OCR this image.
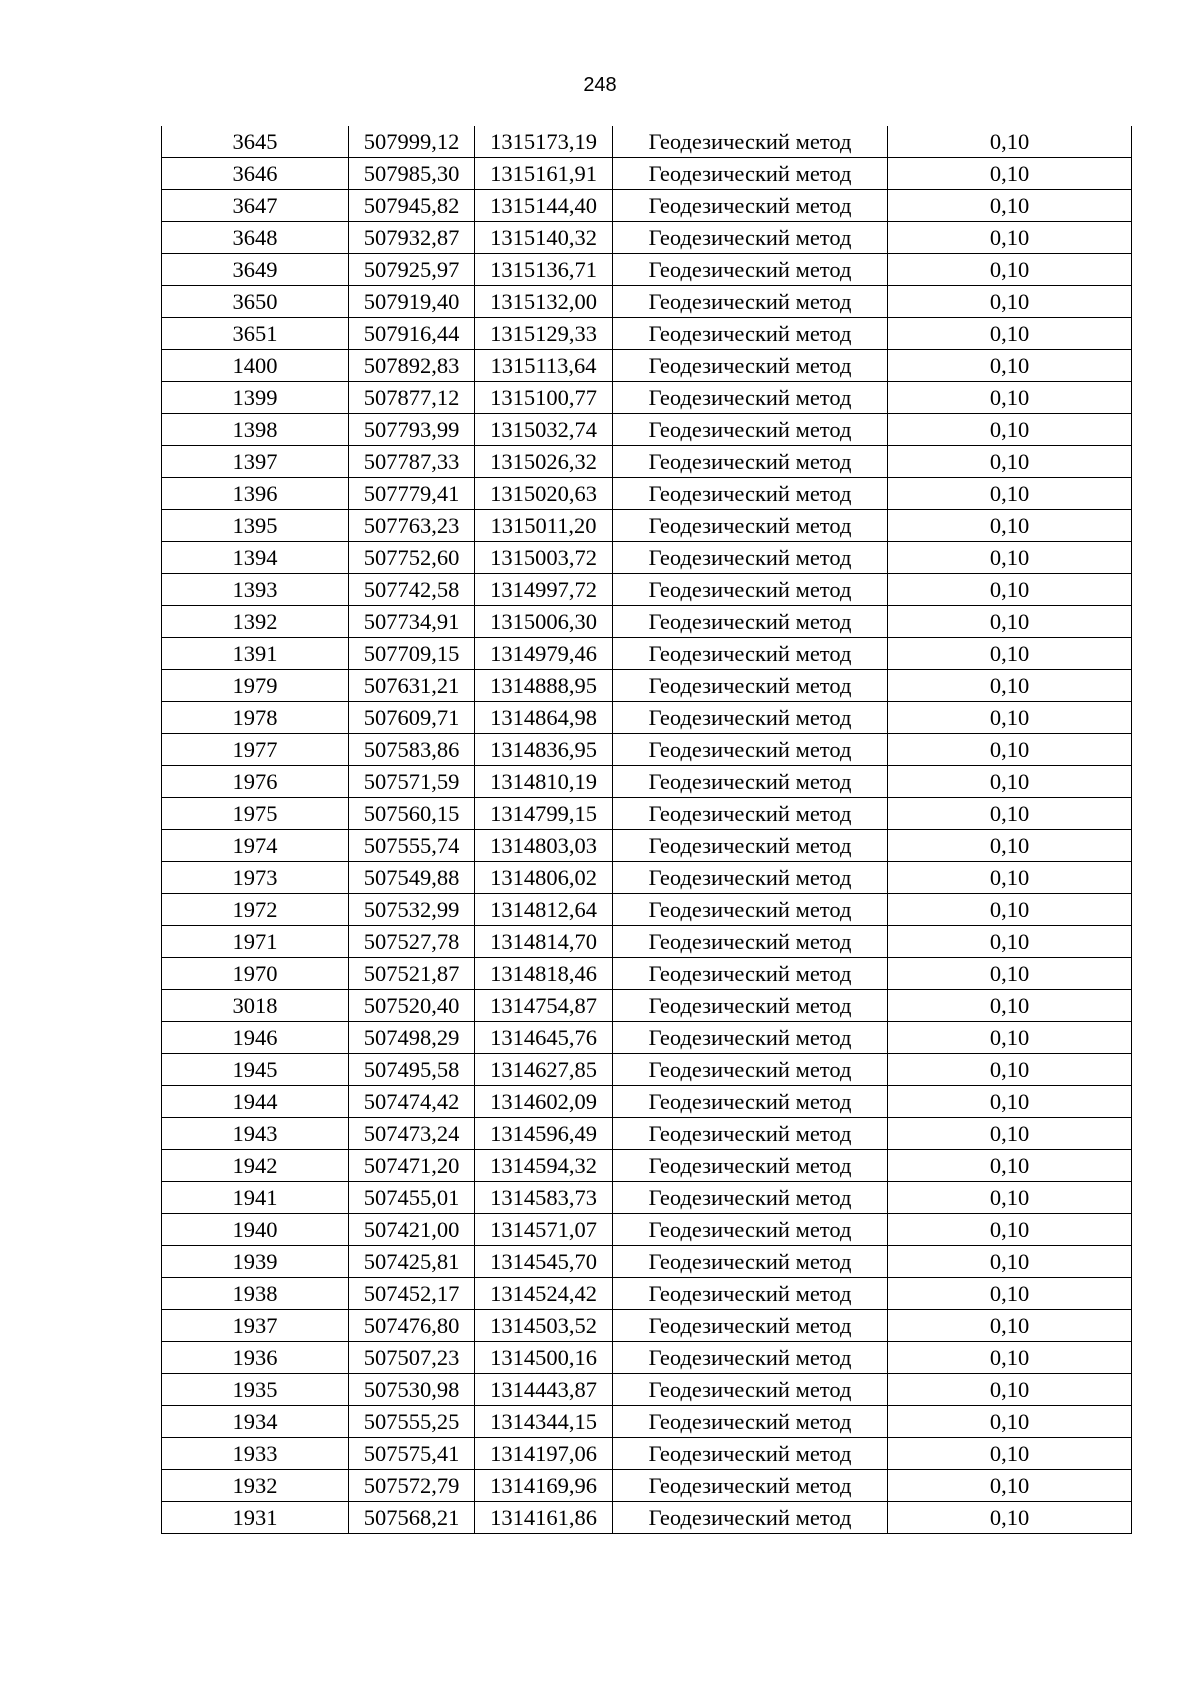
248
3645	507999,12	1315173,19	Геодезический метод	0,10
3646	507985,30	1315161,91	Геодезический метод	0,10
3647	507945,82	1315144,40	Геодезический метод	0,10
3648	507932,87	1315140,32	Геодезический метод	0,10
3649	507925,97	1315136,71	Геодезический метод	0,10
3650	507919,40	1315132,00	Геодезический метод	0,10
3651	507916,44	1315129,33	Геодезический метод	0,10
1400	507892,83	1315113,64	Геодезический метод	0,10
1399	507877,12	1315100,77	Геодезический метод	0,10
1398	507793,99	1315032,74	Геодезический метод	0,10
1397	507787,33	1315026,32	Геодезический метод	0,10
1396	507779,41	1315020,63	Геодезический метод	0,10
1395	507763,23	1315011,20	Геодезический метод	0,10
1394	507752,60	1315003,72	Геодезический метод	0,10
1393	507742,58	1314997,72	Геодезический метод	0,10
1392	507734,91	1315006,30	Геодезический метод	0,10
1391	507709,15	1314979,46	Геодезический метод	0,10
1979	507631,21	1314888,95	Геодезический метод	0,10
1978	507609,71	1314864,98	Геодезический метод	0,10
1977	507583,86	1314836,95	Геодезический метод	0,10
1976	507571,59	1314810,19	Геодезический метод	0,10
1975	507560,15	1314799,15	Геодезический метод	0,10
1974	507555,74	1314803,03	Геодезический метод	0,10
1973	507549,88	1314806,02	Геодезический метод	0,10
1972	507532,99	1314812,64	Геодезический метод	0,10
1971	507527,78	1314814,70	Геодезический метод	0,10
1970	507521,87	1314818,46	Геодезический метод	0,10
3018	507520,40	1314754,87	Геодезический метод	0,10
1946	507498,29	1314645,76	Геодезический метод	0,10
1945	507495,58	1314627,85	Геодезический метод	0,10
1944	507474,42	1314602,09	Геодезический метод	0,10
1943	507473,24	1314596,49	Геодезический метод	0,10
1942	507471,20	1314594,32	Геодезический метод	0,10
1941	507455,01	1314583,73	Геодезический метод	0,10
1940	507421,00	1314571,07	Геодезический метод	0,10
1939	507425,81	1314545,70	Геодезический метод	0,10
1938	507452,17	1314524,42	Геодезический метод	0,10
1937	507476,80	1314503,52	Геодезический метод	0,10
1936	507507,23	1314500,16	Геодезический метод	0,10
1935	507530,98	1314443,87	Геодезический метод	0,10
1934	507555,25	1314344,15	Геодезический метод	0,10
1933	507575,41	1314197,06	Геодезический метод	0,10
1932	507572,79	1314169,96	Геодезический метод	0,10
1931	507568,21	1314161,86	Геодезический метод	0,10
